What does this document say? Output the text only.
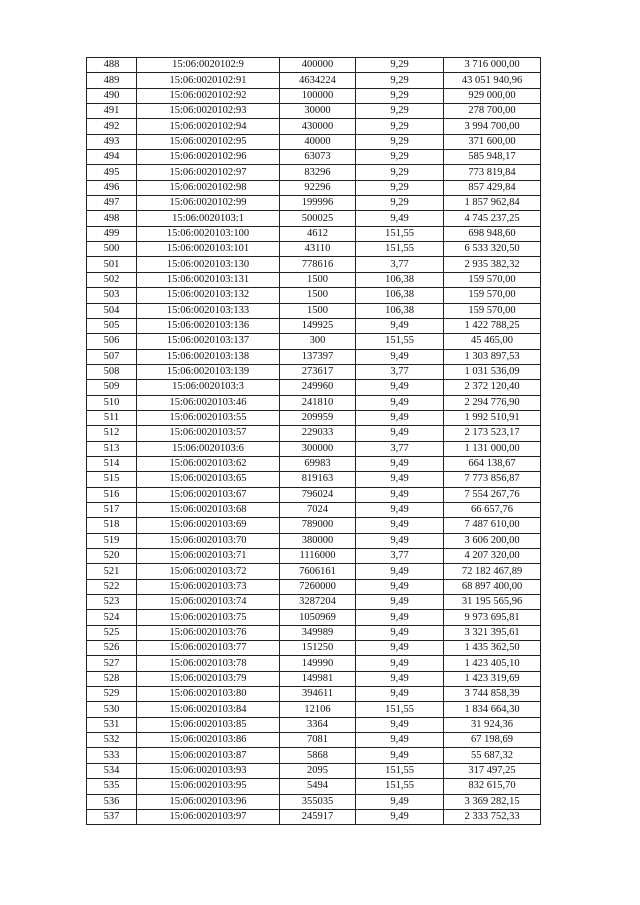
488	15:06:0020102:9	400000	9,29	3 716 000,00
489	15:06:0020102:91	4634224	9,29	43 051 940,96
490	15:06:0020102:92	100000	9,29	929 000,00
491	15:06:0020102:93	30000	9,29	278 700,00
492	15:06:0020102:94	430000	9,29	3 994 700,00
493	15:06:0020102:95	40000	9,29	371 600,00
494	15:06:0020102:96	63073	9,29	585 948,17
495	15:06:0020102:97	83296	9,29	773 819,84
496	15:06:0020102:98	92296	9,29	857 429,84
497	15:06:0020102:99	199996	9,29	1 857 962,84
498	15:06:0020103:1	500025	9,49	4 745 237,25
499	15:06:0020103:100	4612	151,55	698 948,60
500	15:06:0020103:101	43110	151,55	6 533 320,50
501	15:06:0020103:130	778616	3,77	2 935 382,32
502	15:06:0020103:131	1500	106,38	159 570,00
503	15:06:0020103:132	1500	106,38	159 570,00
504	15:06:0020103:133	1500	106,38	159 570,00
505	15:06:0020103:136	149925	9,49	1 422 788,25
506	15:06:0020103:137	300	151,55	45 465,00
507	15:06:0020103:138	137397	9,49	1 303 897,53
508	15:06:0020103:139	273617	3,77	1 031 536,09
509	15:06:0020103:3	249960	9,49	2 372 120,40
510	15:06:0020103:46	241810	9,49	2 294 776,90
511	15:06:0020103:55	209959	9,49	1 992 510,91
512	15:06:0020103:57	229033	9,49	2 173 523,17
513	15:06:0020103:6	300000	3,77	1 131 000,00
514	15:06:0020103:62	69983	9,49	664 138,67
515	15:06:0020103:65	819163	9,49	7 773 856,87
516	15:06:0020103:67	796024	9,49	7 554 267,76
517	15:06:0020103:68	7024	9,49	66 657,76
518	15:06:0020103:69	789000	9,49	7 487 610,00
519	15:06:0020103:70	380000	9,49	3 606 200,00
520	15:06:0020103:71	1116000	3,77	4 207 320,00
521	15:06:0020103:72	7606161	9,49	72 182 467,89
522	15:06:0020103:73	7260000	9,49	68 897 400,00
523	15:06:0020103:74	3287204	9,49	31 195 565,96
524	15:06:0020103:75	1050969	9,49	9 973 695,81
525	15:06:0020103:76	349989	9,49	3 321 395,61
526	15:06:0020103:77	151250	9,49	1 435 362,50
527	15:06:0020103:78	149990	9,49	1 423 405,10
528	15:06:0020103:79	149981	9,49	1 423 319,69
529	15:06:0020103:80	394611	9,49	3 744 858,39
530	15:06:0020103:84	12106	151,55	1 834 664,30
531	15:06:0020103:85	3364	9,49	31 924,36
532	15:06:0020103:86	7081	9,49	67 198,69
533	15:06:0020103:87	5868	9,49	55 687,32
534	15:06:0020103:93	2095	151,55	317 497,25
535	15:06:0020103:95	5494	151,55	832 615,70
536	15:06:0020103:96	355035	9,49	3 369 282,15
537	15:06:0020103:97	245917	9,49	2 333 752,33
